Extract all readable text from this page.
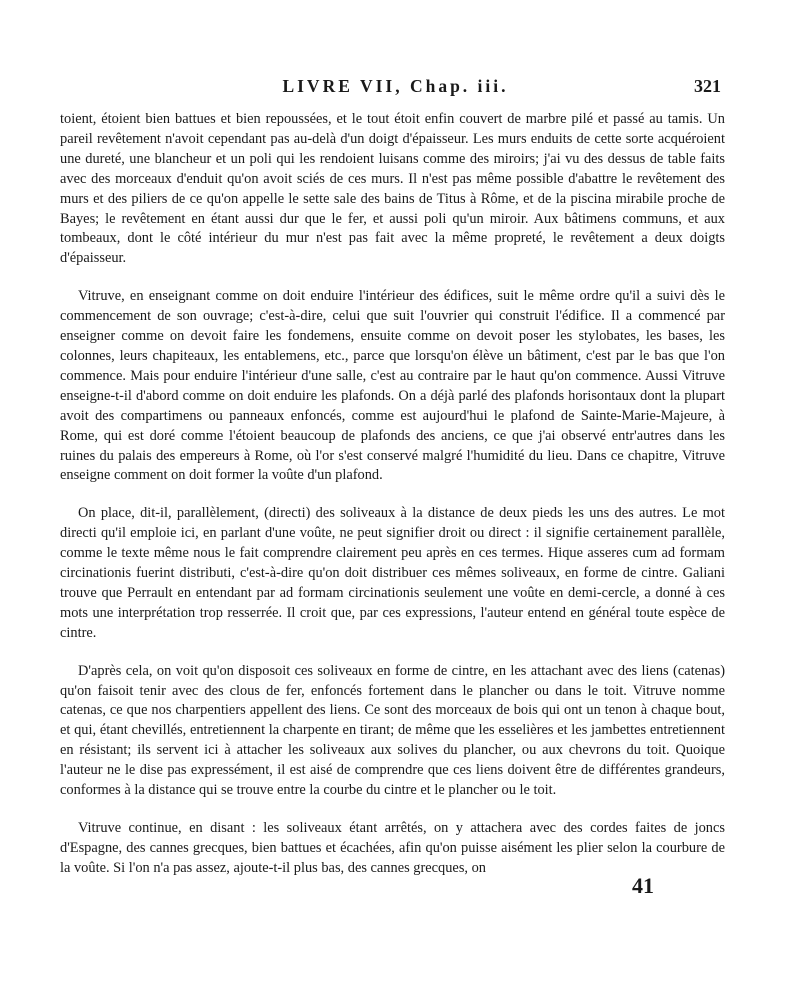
LIVRE VII, Chap. iii.	321

toient, étoient bien battues et bien repoussées, et le tout étoit enfin couvert de marbre pilé et passé au tamis. Un pareil revêtement n'avoit cependant pas au-delà d'un doigt d'épaisseur. Les murs enduits de cette sorte acquéroient une dureté, une blancheur et un poli qui les rendoient luisans comme des miroirs; j'ai vu des dessus de table faits avec des morceaux d'enduit qu'on avoit sciés de ces murs. Il n'est pas même possible d'abattre le revêtement des murs et des piliers de ce qu'on appelle le sette sale des bains de Titus à Rôme, et de la piscina mirabile proche de Bayes; le revêtement en étant aussi dur que le fer, et aussi poli qu'un miroir. Aux bâtimens communs, et aux tombeaux, dont le côté intérieur du mur n'est pas fait avec la même propreté, le revêtement a deux doigts d'épaisseur.

Vitruve, en enseignant comme on doit enduire l'intérieur des édifices, suit le même ordre qu'il a suivi dès le commencement de son ouvrage; c'est-à-dire, celui que suit l'ouvrier qui construit l'édifice. Il a commencé par enseigner comme on devoit faire les fondemens, ensuite comme on devoit poser les stylobates, les bases, les colonnes, leurs chapiteaux, les entablemens, etc., parce que lorsqu'on élève un bâtiment, c'est par le bas que l'on commence. Mais pour enduire l'intérieur d'une salle, c'est au contraire par le haut qu'on commence. Aussi Vitruve enseigne-t-il d'abord comme on doit enduire les plafonds. On a déjà parlé des plafonds horisontaux dont la plupart avoit des compartimens ou panneaux enfoncés, comme est aujourd'hui le plafond de Sainte-Marie-Majeure, à Rome, qui est doré comme l'étoient beaucoup de plafonds des anciens, ce que j'ai observé entr'autres dans les ruines du palais des empereurs à Rome, où l'or s'est conservé malgré l'humidité du lieu. Dans ce chapitre, Vitruve enseigne comment on doit former la voûte d'un plafond.

On place, dit-il, parallèlement, (directi) des soliveaux à la distance de deux pieds les uns des autres. Le mot directi qu'il emploie ici, en parlant d'une voûte, ne peut signifier droit ou direct : il signifie certainement parallèle, comme le texte même nous le fait comprendre clairement peu après en ces termes. Hique asseres cum ad formam circinationis fuerint distributi, c'est-à-dire qu'on doit distribuer ces mêmes soliveaux, en forme de cintre. Galiani trouve que Perrault en entendant par ad formam circinationis seulement une voûte en demi-cercle, a donné à ces mots une interprétation trop resserrée. Il croit que, par ces expressions, l'auteur entend en général toute espèce de cintre.

D'après cela, on voit qu'on disposoit ces soliveaux en forme de cintre, en les attachant avec des liens (catenas) qu'on faisoit tenir avec des clous de fer, enfoncés fortement dans le plancher ou dans le toit. Vitruve nomme catenas, ce que nos charpentiers appellent des liens. Ce sont des morceaux de bois qui ont un tenon à chaque bout, et qui, étant chevillés, entretiennent la charpente en tirant; de même que les esselières et les jambettes entretiennent en résistant; ils servent ici à attacher les soliveaux aux solives du plancher, ou aux chevrons du toit. Quoique l'auteur ne le dise pas expressément, il est aisé de comprendre que ces liens doivent être de différentes grandeurs, conformes à la distance qui se trouve entre la courbe du cintre et le plancher ou le toit.

Vitruve continue, en disant : les soliveaux étant arrêtés, on y attachera avec des cordes faites de joncs d'Espagne, des cannes grecques, bien battues et écachées, afin qu'on puisse aisément les plier selon la courbure de la voûte. Si l'on n'a pas assez, ajoute-t-il plus bas, des cannes grecques, on

41
